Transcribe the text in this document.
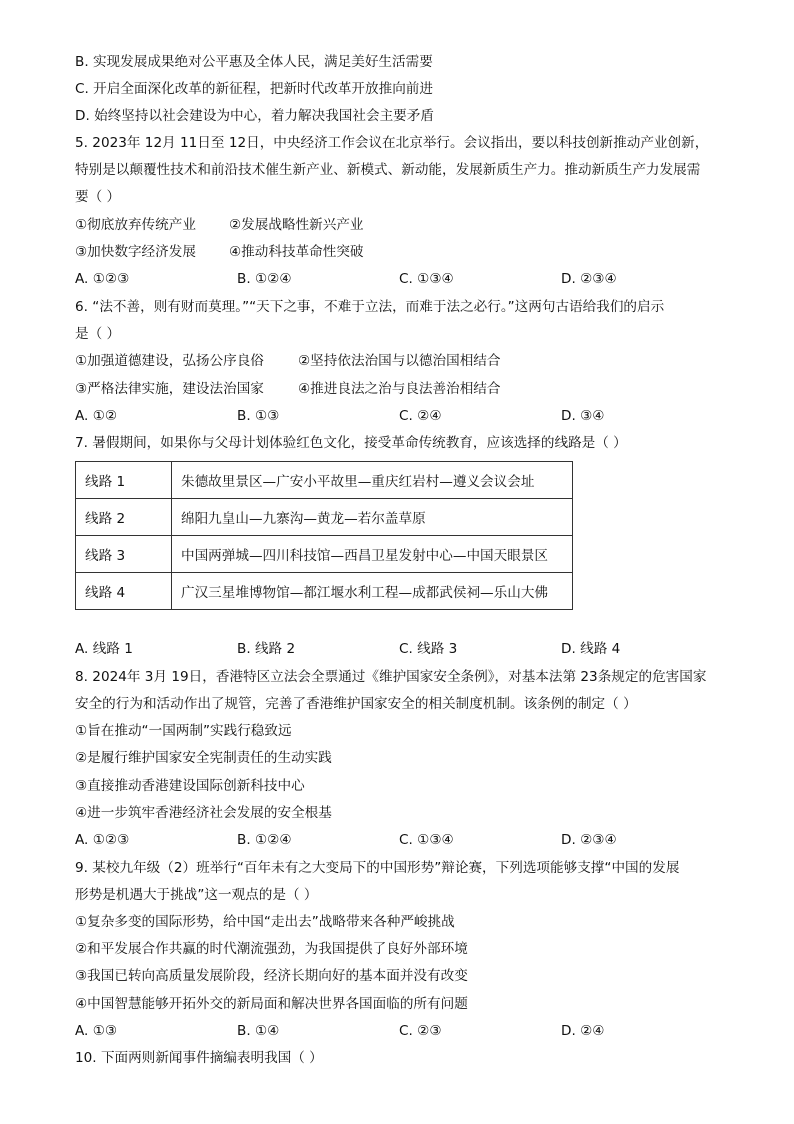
B. 实现发展成果绝对公平惠及全体人民，满足美好生活需要
C. 开启全面深化改革的新征程，把新时代改革开放推向前进
D. 始终坚持以社会建设为中心，着力解决我国社会主要矛盾
5. 2023年 12月 11日至 12日，中央经济工作会议在北京举行。会议指出，要以科技创新推动产业创新，
特别是以颠覆性技术和前沿技术催生新产业、新模式、新动能，发展新质生产力。推动新质生产力发展需
要（ ）
①彻底放弃传统产业 ②发展战略性新兴产业
③加快数字经济发展 ④推动科技革命性突破
A. ①②③	B. ①②④	C. ①③④	D. ②③④
6. “法不善，则有财而莫理。”“天下之事，不难于立法，而难于法之必行。”这两句古语给我们的启示
是（ ）
①加强道德建设，弘扬公序良俗	②坚持依法治国与以德治国相结合
③严格法律实施，建设法治国家	④推进良法之治与良法善治相结合
A. ①②	B. ①③	C. ②④	D. ③④
7. 暑假期间，如果你与父母计划体验红色文化，接受革命传统教育，应该选择的线路是（ ）
线路 1	朱德故里景区—广安小平故里—重庆红岩村—遵义会议会址
线路 2	绵阳九皇山—九寨沟—黄龙—若尔盖草原
线路 3	中国两弹城—四川科技馆—西昌卫星发射中心—中国天眼景区
线路 4	广汉三星堆博物馆—都江堰水利工程—成都武侯祠—乐山大佛
A. 线路 1	B. 线路 2	C. 线路 3	D. 线路 4
8. 2024年 3月 19日，香港特区立法会全票通过《维护国家安全条例》，对基本法第 23条规定的危害国家
安全的行为和活动作出了规管，完善了香港维护国家安全的相关制度机制。该条例的制定（ ）
①旨在推动“一国两制”实践行稳致远
②是履行维护国家安全宪制责任的生动实践
③直接推动香港建设国际创新科技中心
④进一步筑牢香港经济社会发展的安全根基
A. ①②③	B. ①②④	C. ①③④	D. ②③④
9. 某校九年级（2）班举行“百年未有之大变局下的中国形势”辩论赛，下列选项能够支撑“中国的发展
形势是机遇大于挑战”这一观点的是（ ）
①复杂多变的国际形势，给中国“走出去”战略带来各种严峻挑战
②和平发展合作共赢的时代潮流强劲，为我国提供了良好外部环境
③我国已转向高质量发展阶段，经济长期向好的基本面并没有改变
④中国智慧能够开拓外交的新局面和解决世界各国面临的所有问题
A. ①③	B. ①④	C. ②③	D. ②④
10. 下面两则新闻事件摘编表明我国（ ）
